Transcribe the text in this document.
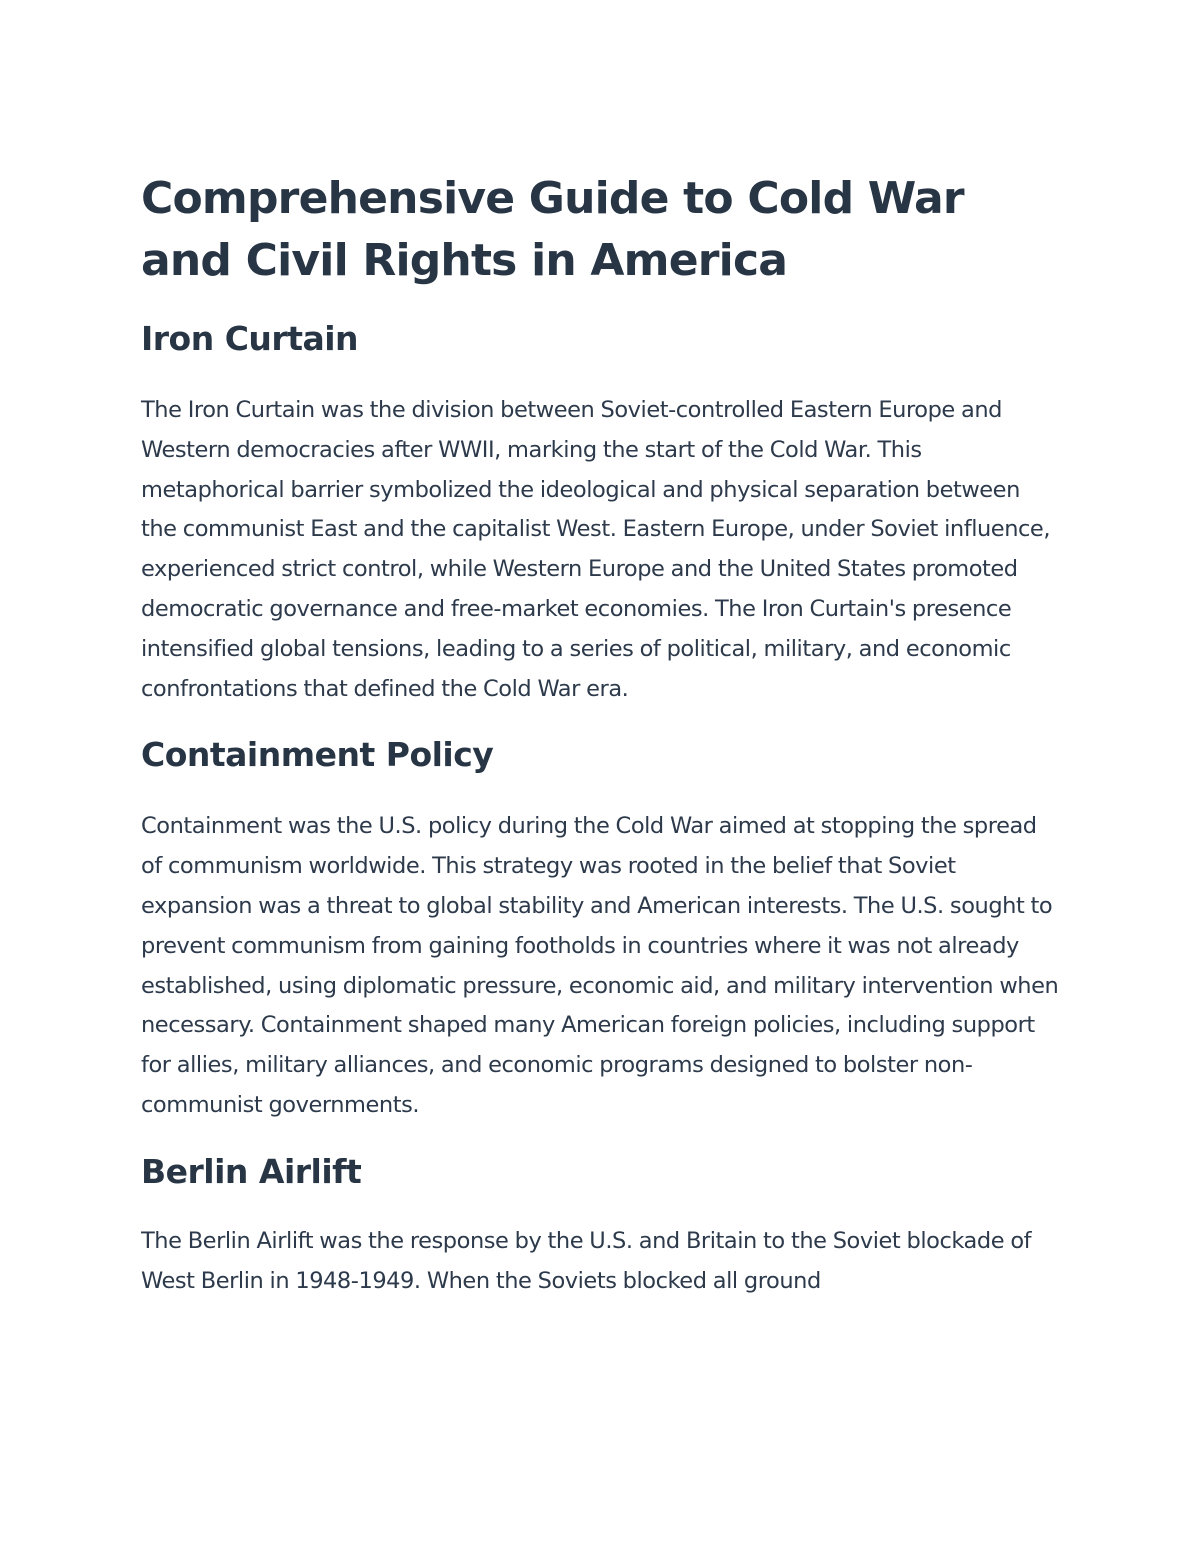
Comprehensive Guide to Cold War and Civil Rights in America
Iron Curtain

The Iron Curtain was the division between Soviet-controlled Eastern Europe and Western democracies after WWII, marking the start of the Cold War. This metaphorical barrier symbolized the ideological and physical separation between the communist East and the capitalist West. Eastern Europe, under Soviet influence, experienced strict control, while Western Europe and the United States promoted democratic governance and free-market economies. The Iron Curtain's presence intensified global tensions, leading to a series of political, military, and economic confrontations that defined the Cold War era.

Containment Policy

Containment was the U.S. policy during the Cold War aimed at stopping the spread of communism worldwide. This strategy was rooted in the belief that Soviet expansion was a threat to global stability and American interests. The U.S. sought to prevent communism from gaining footholds in countries where it was not already established, using diplomatic pressure, economic aid, and military intervention when necessary. Containment shaped many American foreign policies, including support for allies, military alliances, and economic programs designed to bolster non-communist governments.

Berlin Airlift

The Berlin Airlift was the response by the U.S. and Britain to the Soviet blockade of West Berlin in 1948-1949. When the Soviets blocked all ground
